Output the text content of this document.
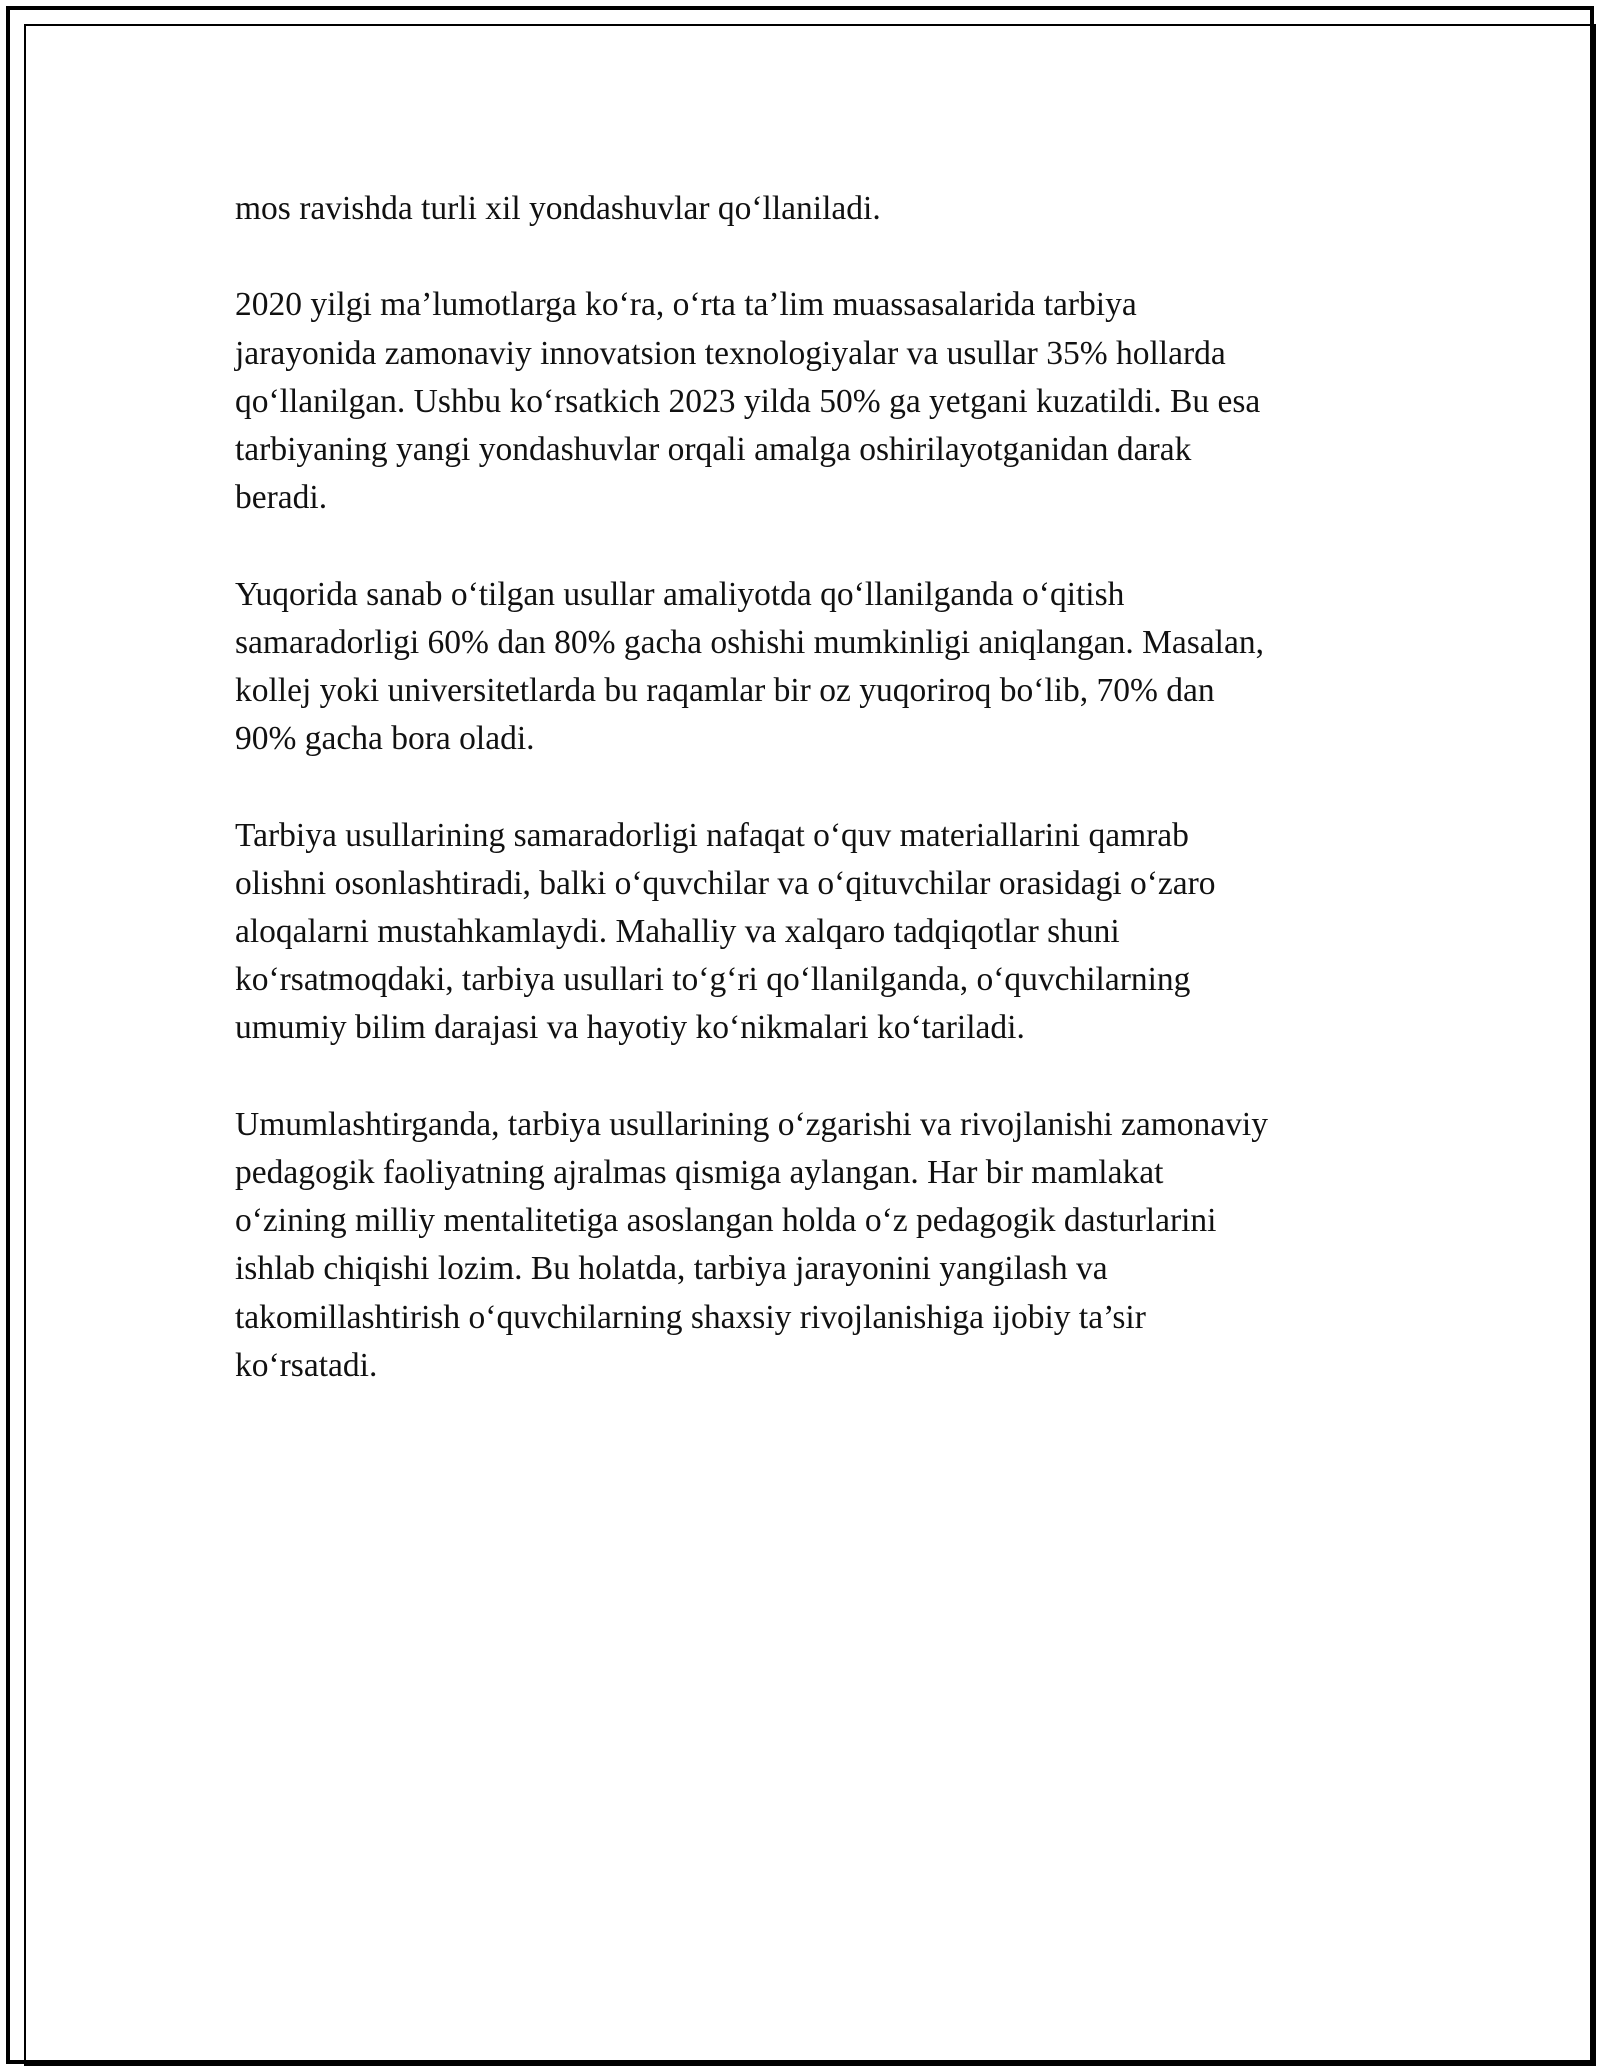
mos ravishda turli xil yondashuvlar qo‘llaniladi.

2020 yilgi ma’lumotlarga ko‘ra, o‘rta ta’lim muassasalarida tarbiya
jarayonida zamonaviy innovatsion texnologiyalar va usullar 35% hollarda
qo‘llanilgan. Ushbu ko‘rsatkich 2023 yilda 50% ga yetgani kuzatildi. Bu esa
tarbiyaning yangi yondashuvlar orqali amalga oshirilayotganidan darak
beradi.

Yuqorida sanab o‘tilgan usullar amaliyotda qo‘llanilganda o‘qitish
samaradorligi 60% dan 80% gacha oshishi mumkinligi aniqlangan. Masalan,
kollej yoki universitetlarda bu raqamlar bir oz yuqoriroq bo‘lib, 70% dan
90% gacha bora oladi.

Tarbiya usullarining samaradorligi nafaqat o‘quv materiallarini qamrab
olishni osonlashtiradi, balki o‘quvchilar va o‘qituvchilar orasidagi o‘zaro
aloqalarni mustahkamlaydi. Mahalliy va xalqaro tadqiqotlar shuni
ko‘rsatmoqdaki, tarbiya usullari to‘g‘ri qo‘llanilganda, o‘quvchilarning
umumiy bilim darajasi va hayotiy ko‘nikmalari ko‘tariladi.

Umumlashtirganda, tarbiya usullarining o‘zgarishi va rivojlanishi zamonaviy
pedagogik faoliyatning ajralmas qismiga aylangan. Har bir mamlakat
o‘zining milliy mentalitetiga asoslangan holda o‘z pedagogik dasturlarini
ishlab chiqishi lozim. Bu holatda, tarbiya jarayonini yangilash va
takomillashtirish o‘quvchilarning shaxsiy rivojlanishiga ijobiy ta’sir
ko‘rsatadi.
